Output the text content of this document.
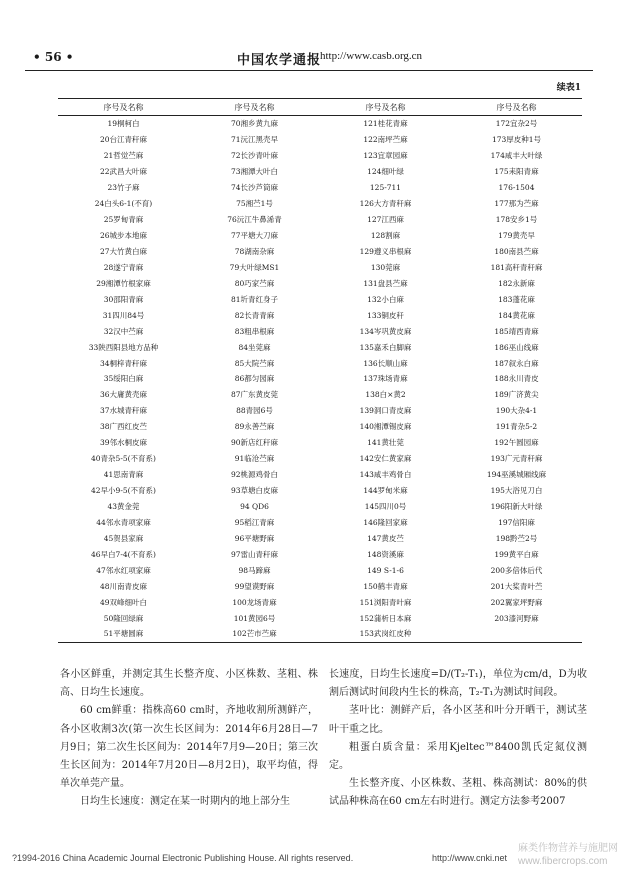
• 56 •	中国农学通报
http://www.casb.org.cn
续表1
序号及名称	序号及名称	序号及名称	序号及名称
19桐柯白	70湘乡黄九麻	121桂花青麻	172宜杂2号
20台江青秆麻	71沅江黑壳早	122南坪苎麻	173厚皮种1号
21哲觉苎麻	72长沙青叶麻	123宜章园麻	174咸丰大叶绿
22武昌大叶麻	73湘潭大叶白	124细叶绿	175耒阳青麻
23竹子麻	74长沙芦筒麻	125-711	176-1504
24白头6-1(不育)	75湘苎1号	126大方青秆麻	177那为苎麻
25罗甸青麻	76沅江牛鼻浠青	127江西麻	178安乡1号
26城步本地麻	77平塘大刀麻	128割麻	179黄壳早
27大竹黄白麻	78湖南杂麻	129遵义串根麻	180南县苎麻
28遂宁青麻	79大叶绿MS1	130莞麻	181高秆青秆麻
29湘潭竹根家麻	80巧家苎麻	131盘县苎麻	182永新麻
30邵阳青麻	81圻青红身子	132小白麻	183蓬花麻
31四川84号	82长青青麻	133铜皮秆	184黄花麻
32汉中苎麻	83粗串根麻	134岑巩黄皮麻	185靖西青麻
33陕西阳县地方品种	84坐莞麻	135嘉禾白脚麻	186巫山线麻
34桐梓青秆麻	85大院苎麻	136长顺山麻	187叙永白麻
35绥阳白麻	86都匀园麻	137珠场青麻	188永川青皮
36大庸黄壳麻	87广东黄皮莞	138白×黄2	189广济黄尖
37水城青秆麻	88青园6号	139洞口青皮麻	190大杂4-1
38广西红皮苎	89永善苎麻	140湘潭锡皮麻	191青杂5-2
39邻水桐皮麻	90新店红秆麻	141黄壮莞	192午圆园麻
40青杂5-5(不育系)	91临沧苎麻	142安仁黄家麻	193广元青秆麻
41思南青麻	92桃源鸡骨白	143咸丰鸡骨白	194巫溪城厢线麻
42早小9-5(不育系)	93草塘白皮麻	144罗甸米麻	195大浴见刀白
43黄金莞	94 QD6	145四川0号	196阳新大叶绿
44邻水青项家麻	95稻江青麻	146隆回家麻	197信阳麻
45贺县家麻	96平塘野麻	147黄皮苎	198黔苎2号
46早白7-4(不育系)	97雷山青秆麻	148资溪麻	199黄平白麻
47邻水红项家麻	98马蹄麻	149 S-1-6	200多倍体后代
48川南青皮麻	99望谟野麻	150鹤丰青麻	201大桨青叶苎
49双峰细叶白	100龙场青麻	151浏阳青叶麻	202翼家坪野麻
50隆回绿麻	101黄园6号	152蒲析日本麻	203漆河野麻
51平塘圆麻	102芒市苎麻	153武岗红皮种	

各小区鲜重，并测定其生长整齐度、小区株数、茎粗、株高、日均生长速度。

60 cm鲜重：指株高60 cm时，齐地收割所测鲜产，各小区收割3次(第一次生长区间为：2014年6月28日—7月9日；第二次生长区间为：2014年7月9—20日；第三次生长区间为：2014年7月20日—8月2日)，取平均值，得单次单莞产量。

日均生长速度：测定在某一时期内的地上部分生

长速度，日均生长速度=D/(T₂-T₁)，单位为cm/d，D为收割后测试时间段内生长的株高，T₂-T₁为测试时间段。

茎叶比：测鲜产后，各小区茎和叶分开晒干，测试茎叶干重之比。

粗蛋白质含量：采用Kjeltec™8400凯氏定氮仪测定。

生长整齐度、小区株数、茎粗、株高测试：80%的供试品种株高在60 cm左右时进行。测定方法参考2007

?1994-2016 China Academic Journal Electronic Publishing House. All rights reserved.	http://www.cnki.net
麻类作物营养与施肥网
www.fibercrops.com
